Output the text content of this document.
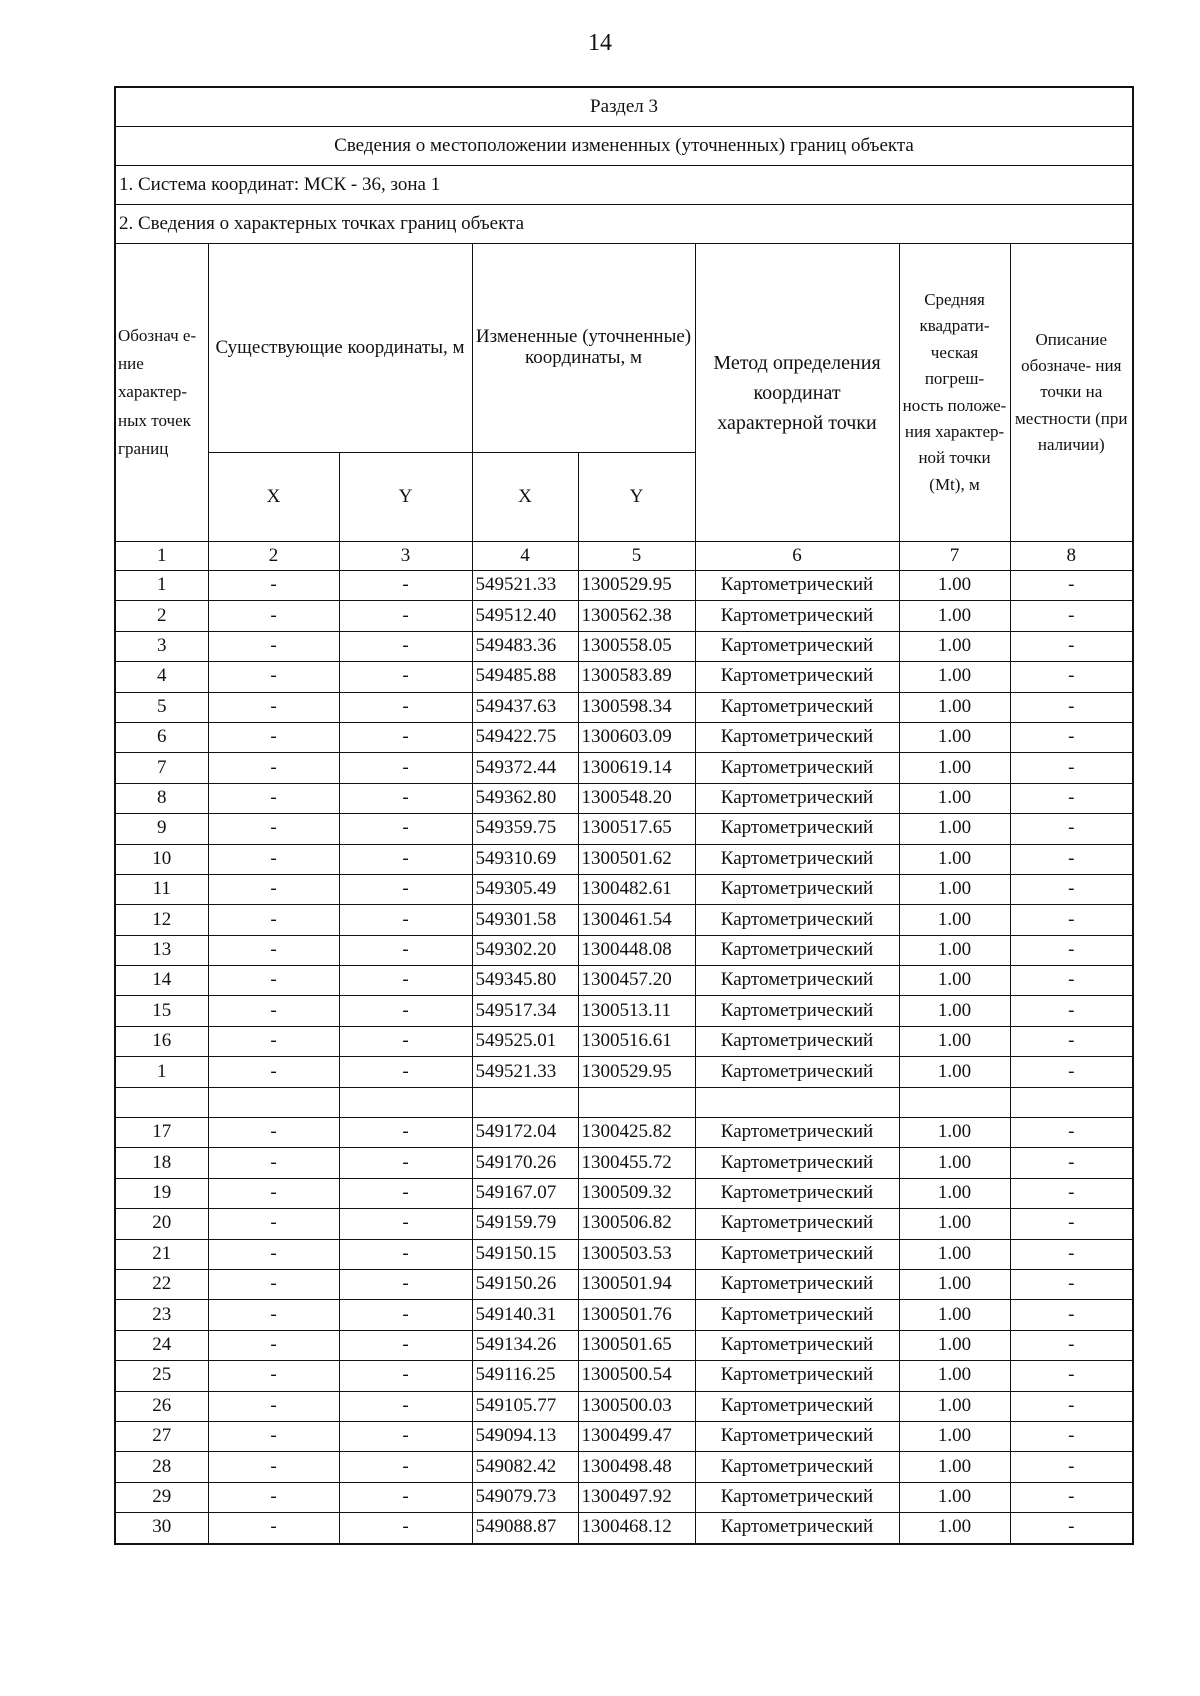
14
Раздел 3							
Сведения о местоположении измененных (уточненных) границ объекта							
1. Система координат: МСК - 36, зона 1							
2. Сведения о характерных точках границ объекта							
Обознач е-ние характер- ных точек границ	Существующие координаты, м		Измененные (уточненные) координаты, м		Метод определения координат характерной точки	Средняя квадрати- ческая погреш- ность положе- ния характер- ной точки (Mt), м	Описание обозначе- ния точки на местности (при наличии)
	X	Y	X	Y			
1	2	3	4	5	6	7	8
1	-	-	549521.33	1300529.95	Картометрический	1.00	-
2	-	-	549512.40	1300562.38	Картометрический	1.00	-
3	-	-	549483.36	1300558.05	Картометрический	1.00	-
4	-	-	549485.88	1300583.89	Картометрический	1.00	-
5	-	-	549437.63	1300598.34	Картометрический	1.00	-
6	-	-	549422.75	1300603.09	Картометрический	1.00	-
7	-	-	549372.44	1300619.14	Картометрический	1.00	-
8	-	-	549362.80	1300548.20	Картометрический	1.00	-
9	-	-	549359.75	1300517.65	Картометрический	1.00	-
10	-	-	549310.69	1300501.62	Картометрический	1.00	-
11	-	-	549305.49	1300482.61	Картометрический	1.00	-
12	-	-	549301.58	1300461.54	Картометрический	1.00	-
13	-	-	549302.20	1300448.08	Картометрический	1.00	-
14	-	-	549345.80	1300457.20	Картометрический	1.00	-
15	-	-	549517.34	1300513.11	Картометрический	1.00	-
16	-	-	549525.01	1300516.61	Картометрический	1.00	-
1	-	-	549521.33	1300529.95	Картометрический	1.00	-

17	-	-	549172.04	1300425.82	Картометрический	1.00	-
18	-	-	549170.26	1300455.72	Картометрический	1.00	-
19	-	-	549167.07	1300509.32	Картометрический	1.00	-
20	-	-	549159.79	1300506.82	Картометрический	1.00	-
21	-	-	549150.15	1300503.53	Картометрический	1.00	-
22	-	-	549150.26	1300501.94	Картометрический	1.00	-
23	-	-	549140.31	1300501.76	Картометрический	1.00	-
24	-	-	549134.26	1300501.65	Картометрический	1.00	-
25	-	-	549116.25	1300500.54	Картометрический	1.00	-
26	-	-	549105.77	1300500.03	Картометрический	1.00	-
27	-	-	549094.13	1300499.47	Картометрический	1.00	-
28	-	-	549082.42	1300498.48	Картометрический	1.00	-
29	-	-	549079.73	1300497.92	Картометрический	1.00	-
30	-	-	549088.87	1300468.12	Картометрический	1.00	-
